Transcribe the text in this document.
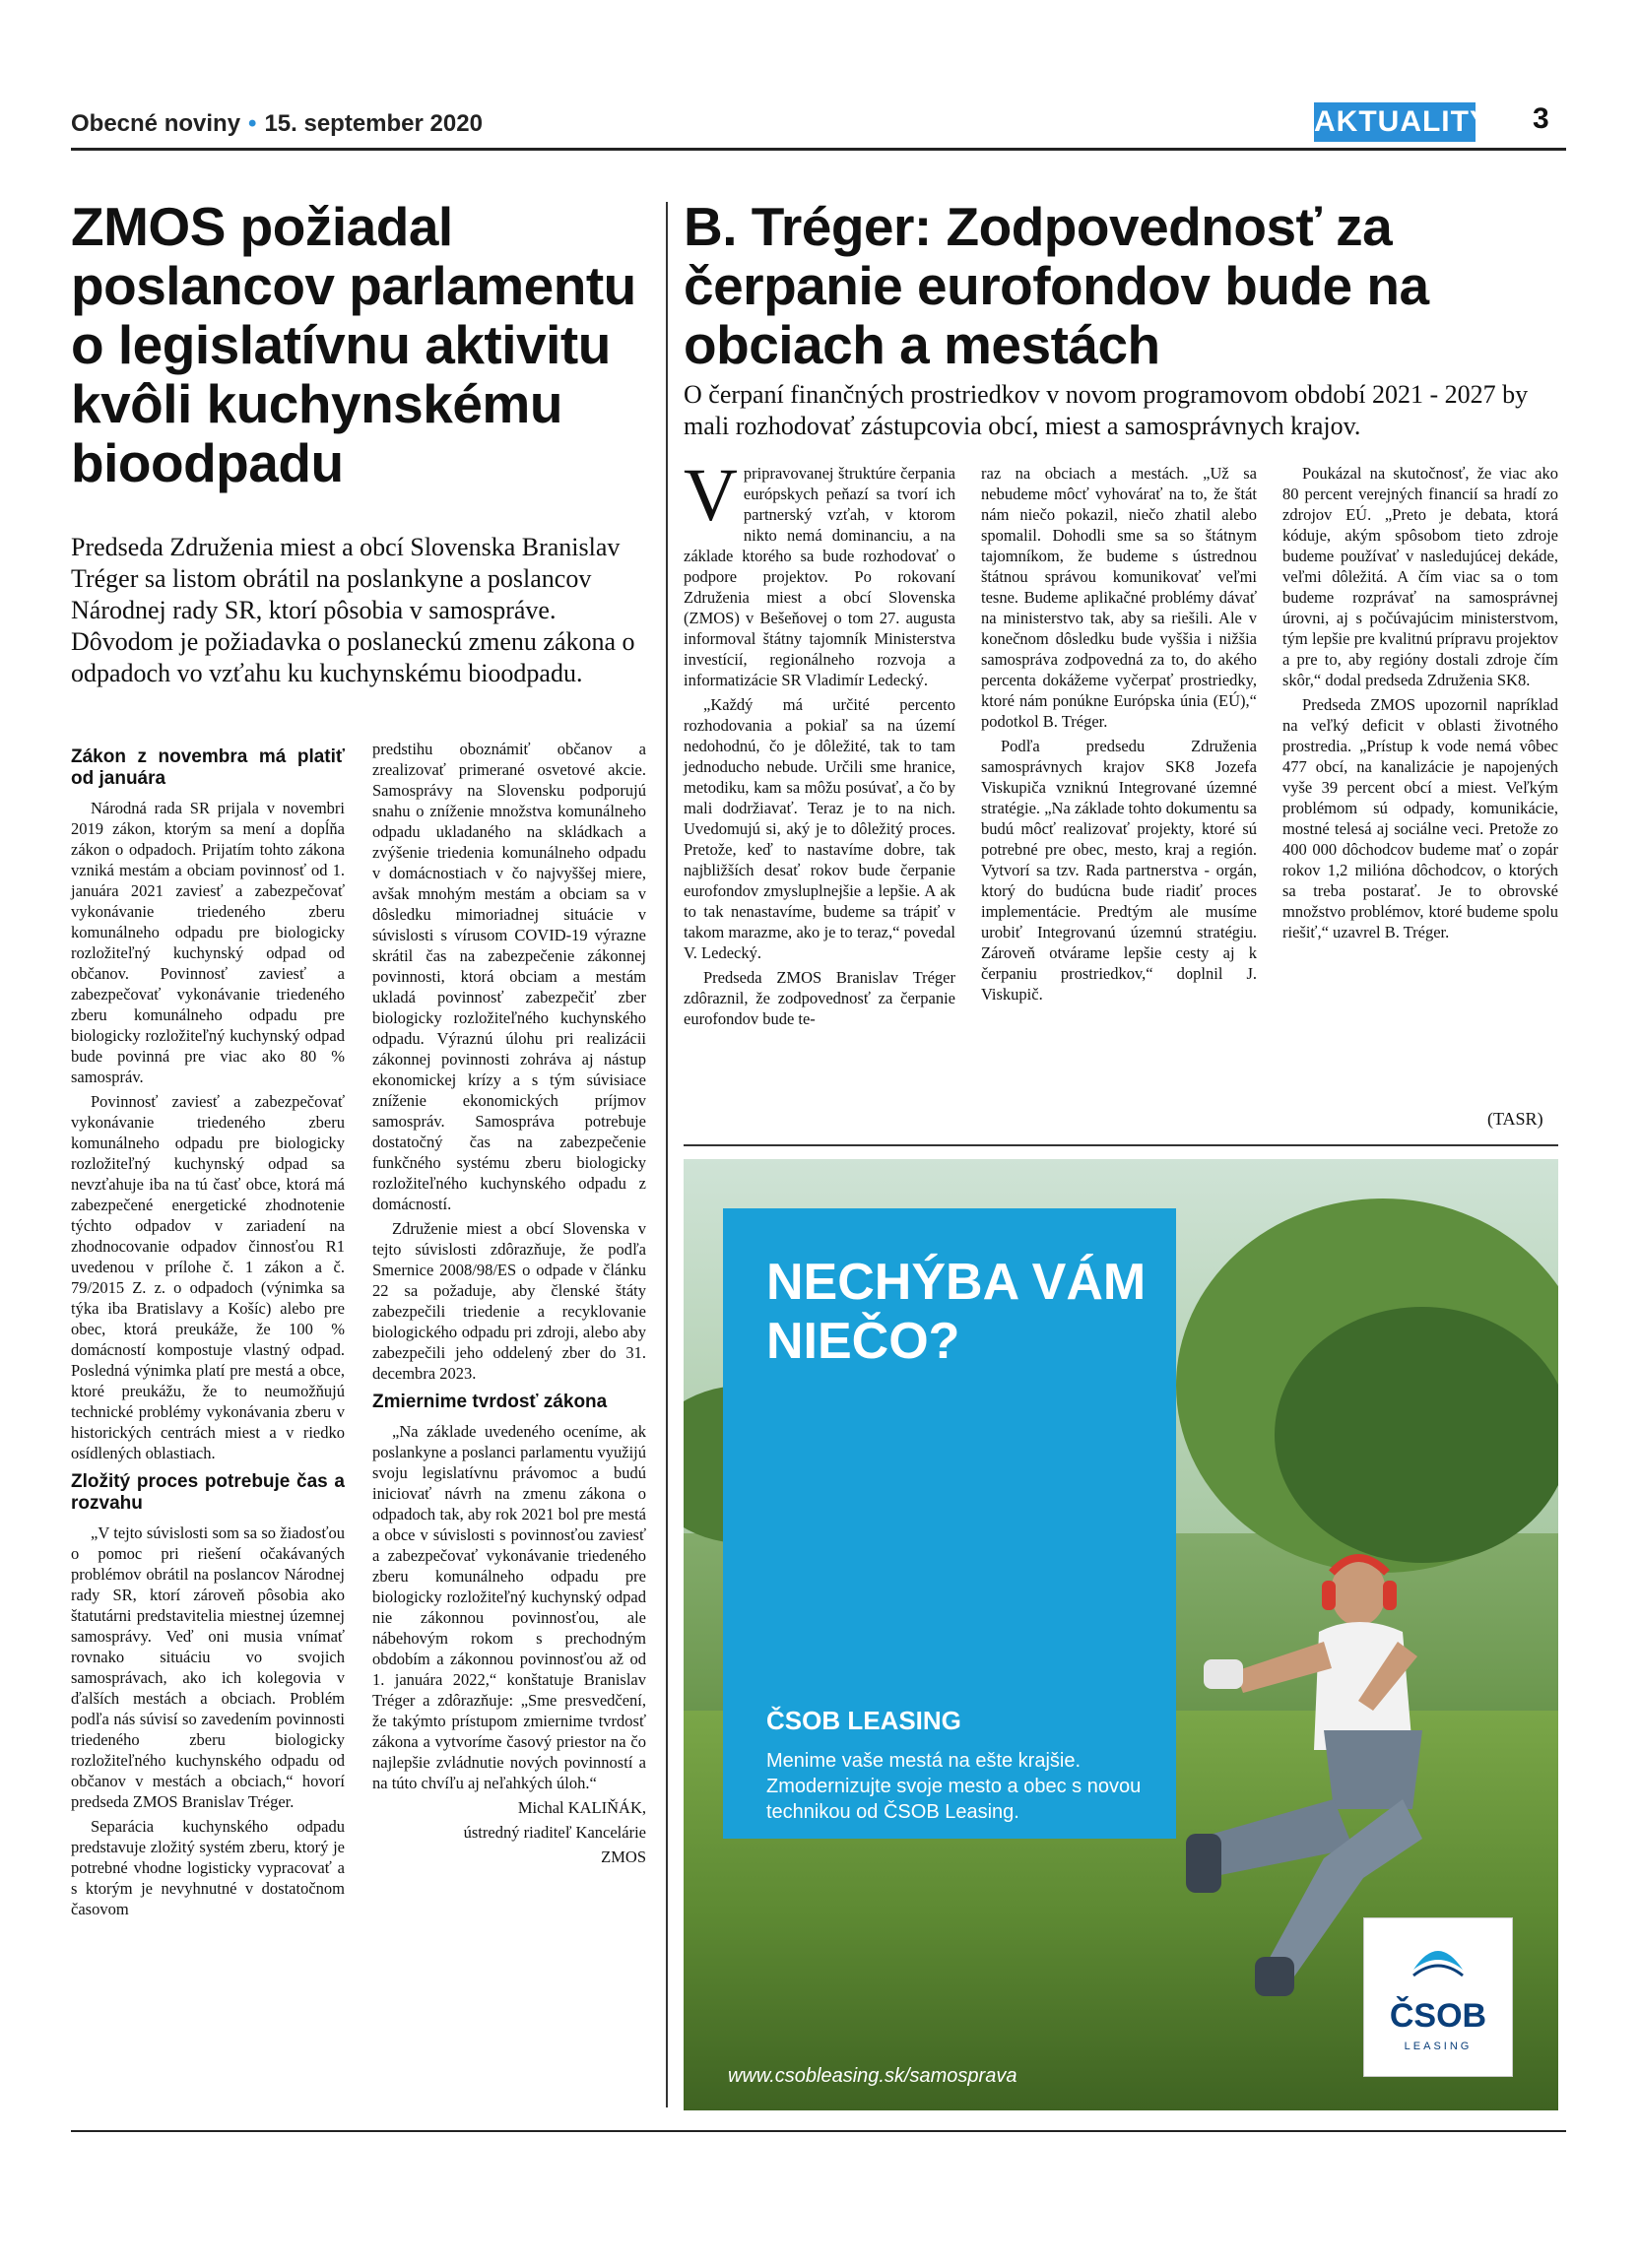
Obecné noviny • 15. september 2020	AKTUALITY 3
ZMOS požiadal poslancov parlamentu o legislatívnu aktivitu kvôli kuchynskému bioodpadu
Predseda Združenia miest a obcí Slovenska Branislav Tréger sa listom obrátil na poslankyne a poslancov Národnej rady SR, ktorí pôsobia v samospráve. Dôvodom je požiadavka o poslaneckú zmenu zákona o odpadoch vo vzťahu ku kuchynskému bioodpadu.
Zákon z novembra má platiť od januára

Národná rada SR prijala v novembri 2019 zákon, ktorým sa mení a dopĺňa zákon o odpadoch. Prijatím tohto zákona vzniká mestám a obciam povinnosť od 1. januára 2021 zaviesť a zabezpečovať vykonávanie triedeného zberu komunálneho odpadu pre biologicky rozložiteľný kuchynský odpad od občanov. Povinnosť zaviesť a zabezpečovať vykonávanie triedeného zberu komunálneho odpadu pre biologicky rozložiteľný kuchynský odpad bude povinná pre viac ako 80 % samospráv.

Povinnosť zaviesť a zabezpečovať vykonávanie triedeného zberu komunálneho odpadu pre biologicky rozložiteľný kuchynský odpad sa nevzťahuje iba na tú časť obce, ktorá má zabezpečené energetické zhodnotenie týchto odpadov v zariadení na zhodnocovanie odpadov činnosťou R1 uvedenou v prílohe č. 1 zákon a č. 79/2015 Z. z. o odpadoch (výnimka sa týka iba Bratislavy a Košíc) alebo pre obec, ktorá preukáže, že 100 % domácností kompostuje vlastný odpad. Posledná výnimka platí pre mestá a obce, ktoré preukážu, že to neumožňujú technické problémy vykonávania zberu v historických centrách miest a v riedko osídlených oblastiach.

Zložitý proces potrebuje čas a rozvahu

„V tejto súvislosti som sa so žiadosťou o pomoc pri riešení očakávaných problémov obrátil na poslancov Národnej rady SR, ktorí zároveň pôsobia ako štatutárni predstavitelia miestnej územnej samosprávy. Veď oni musia vnímať rovnako situáciu vo svojich samosprávach, ako ich kolegovia v ďalších mestách a obciach. Problém podľa nás súvisí so zavedením povinnosti triedeného zberu biologicky rozložiteľného kuchynského odpadu od občanov v mestách a obciach,“ hovorí predseda ZMOS Branislav Tréger.

Separácia kuchynského odpadu predstavuje zložitý systém zberu, ktorý je potrebné vhodne logisticky vypracovať a s ktorým je nevyhnutné v dostatočnom časovom

predstihu oboznámiť občanov a zrealizovať primerané osvetové akcie. Samosprávy na Slovensku podporujú snahu o zníženie množstva komunálneho odpadu ukladaného na skládkach a zvýšenie triedenia komunálneho odpadu v domácnostiach v čo najvyššej miere, avšak mnohým mestám a obciam sa v dôsledku mimoriadnej situácie v súvislosti s vírusom COVID-19 výrazne skrátil čas na zabezpečenie zákonnej povinnosti, ktorá obciam a mestám ukladá povinnosť zabezpečiť zber biologicky rozložiteľného kuchynského odpadu. Výraznú úlohu pri realizácii zákonnej povinnosti zohráva aj nástup ekonomickej krízy a s tým súvisiace zníženie ekonomických príjmov samospráv. Samospráva potrebuje dostatočný čas na zabezpečenie funkčného systému zberu biologicky rozložiteľného kuchynského odpadu z domácností.

Združenie miest a obcí Slovenska v tejto súvislosti zdôrazňuje, že podľa Smernice 2008/98/ES o odpade v článku 22 sa požaduje, aby členské štáty zabezpečili triedenie a recyklovanie biologického odpadu pri zdroji, alebo aby zabezpečili jeho oddelený zber do 31. decembra 2023.

Zmiernime tvrdosť zákona

„Na základe uvedeného oceníme, ak poslankyne a poslanci parlamentu využijú svoju legislatívnu právomoc a budú iniciovať návrh na zmenu zákona o odpadoch tak, aby rok 2021 bol pre mestá a obce v súvislosti s povinnosťou zaviesť a zabezpečovať vykonávanie triedeného zberu komunálneho odpadu pre biologicky rozložiteľný kuchynský odpad nie zákonnou povinnosťou, ale nábehovým rokom s prechodným obdobím a zákonnou povinnosťou až od 1. januára 2022,“ konštatuje Branislav Tréger a zdôrazňuje: „Sme presvedčení, že takýmto prístupom zmiernime tvrdosť zákona a vytvoríme časový priestor na čo najlepšie zvládnutie nových povinností a na túto chvíľu aj neľahkých úloh.“

Michal KALIŇÁK,

ústredný riaditeľ Kancelárie

ZMOS

B. Tréger: Zodpovednosť za čerpanie eurofondov bude na obciach a mestách
O čerpaní finančných prostriedkov v novom programovom období 2021 - 2027 by mali rozhodovať zástupcovia obcí, miest a samosprávnych krajov.

Vpripravovanej štruktúre čerpania európskych peňazí sa tvorí ich partnerský vzťah, v ktorom nikto nemá dominanciu, a na základe ktorého sa bude rozhodovať o podpore projektov. Po rokovaní Združenia miest a obcí Slovenska (ZMOS) v Bešeňovej o tom 27. augusta informoval štátny tajomník Ministerstva investícií, regionálneho rozvoja a informatizácie SR Vladimír Ledecký.

„Každý má určité percento rozhodovania a pokiaľ sa na území nedohodnú, čo je dôležité, tak to tam jednoducho nebude. Určili sme hranice, metodiku, kam sa môžu posúvať, a čo by mali dodržiavať. Teraz je to na nich. Uvedomujú si, aký je to dôležitý proces. Pretože, keď to nastavíme dobre, tak najbližších desať rokov bude čerpanie eurofondov zmysluplnejšie a lepšie. A ak to tak nenastavíme, budeme sa trápiť v takom marazme, ako je to teraz,“ povedal V. Ledecký.

Predseda ZMOS Branislav Tréger zdôraznil, že zodpovednosť za čerpanie eurofondov bude te-

raz na obciach a mestách. „Už sa nebudeme môcť vyhovárať na to, že štát nám niečo pokazil, niečo zhatil alebo spomalil. Dohodli sme sa so štátnym tajomníkom, že budeme s ústrednou štátnou správou komunikovať veľmi tesne. Budeme aplikačné problémy dávať na ministerstvo tak, aby sa riešili. Ale v konečnom dôsledku bude vyššia i nižšia samospráva zodpovedná za to, do akého percenta dokážeme vyčerpať prostriedky, ktoré nám ponúkne Európska únia (EÚ),“ podotkol B. Tréger.

Podľa predsedu Združenia samosprávnych krajov SK8 Jozefa Viskupiča vzniknú Integrované územné stratégie. „Na základe tohto dokumentu sa budú môcť realizovať projekty, ktoré sú potrebné pre obec, mesto, kraj a región. Vytvorí sa tzv. Rada partnerstva - orgán, ktorý do budúcna bude riadiť proces implementácie. Predtým ale musíme urobiť Integrovanú územnú stratégiu. Zároveň otvárame lepšie cesty aj k čerpaniu prostriedkov,“ doplnil J. Viskupič.

Poukázal na skutočnosť, že viac ako 80 percent verejných financií sa hradí zo zdrojov EÚ. „Preto je debata, ktorá kóduje, akým spôsobom tieto zdroje budeme používať v nasledujúcej dekáde, veľmi dôležitá. A čím viac sa o tom budeme rozprávať na samosprávnej úrovni, aj s počúvajúcim ministerstvom, tým lepšie pre kvalitnú prípravu projektov a pre to, aby regióny dostali zdroje čím skôr,“ dodal predseda Združenia SK8.

Predseda ZMOS upozornil napríklad na veľký deficit v oblasti životného prostredia. „Prístup k vode nemá vôbec 477 obcí, na kanalizácie je napojených vyše 39 percent obcí a miest. Veľkým problémom sú odpady, komunikácie, mostné telesá aj sociálne veci. Pretože zo 400 000 dôchodcov budeme mať o zopár rokov 1,2 milióna dôchodcov, o ktorých sa treba postarať. Je to obrovské množstvo problémov, ktoré budeme spolu riešiť,“ uzavrel B. Tréger.

(TASR)
NECHÝBA VÁM NIEČO?
ČSOB LEASING
Menime vaše mestá na ešte krajšie. Zmodernizujte svoje mesto a obec s novou technikou od ČSOB Leasing.
ČSOB
LEASING
www.csobleasing.sk/samosprava
